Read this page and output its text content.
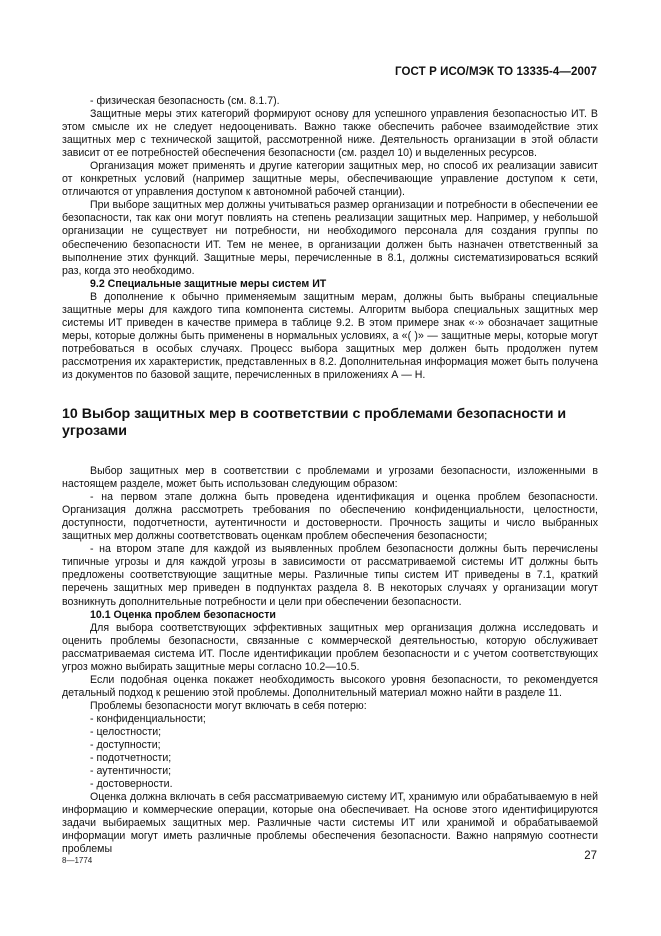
ГОСТ Р ИСО/МЭК ТО 13335-4—2007

- физическая безопасность (см. 8.1.7).

Защитные меры этих категорий формируют основу для успешного управления безопасностью ИТ. В этом смысле их не следует недооценивать. Важно также обеспечить рабочее взаимодействие этих защитных мер с технической защитой, рассмотренной ниже. Деятельность организации в этой области зависит от ее потребностей обеспечения безопасности (см. раздел 10) и выделенных ресурсов.

Организация может применять и другие категории защитных мер, но способ их реализации зависит от конкретных условий (например защитные меры, обеспечивающие управление доступом к сети, отличаются от управления доступом к автономной рабочей станции).

При выборе защитных мер должны учитываться размер организации и потребности в обеспечении ее безопасности, так как они могут повлиять на степень реализации защитных мер. Например, у небольшой организации не существует ни потребности, ни необходимого персонала для создания группы по обеспечению безопасности ИТ. Тем не менее, в организации должен быть назначен ответственный за выполнение этих функций. Защитные меры, перечисленные в 8.1, должны систематизироваться всякий раз, когда это необходимо.

9.2 Специальные защитные меры систем ИТ

В дополнение к обычно применяемым защитным мерам, должны быть выбраны специальные защитные меры для каждого типа компонента системы. Алгоритм выбора специальных защитных мер системы ИТ приведен в качестве примера в таблице 9.2. В этом примере знак «·» обозначает защитные меры, которые должны быть применены в нормальных условиях, а «( )» — защитные меры, которые могут потребоваться в особых случаях. Процесс выбора защитных мер должен быть продолжен путем рассмотрения их характеристик, представленных в 8.2. Дополнительная информация может быть получена из документов по базовой защите, перечисленных в приложениях А — Н.

10 Выбор защитных мер в соответствии с проблемами безопасности и угрозами

Выбор защитных мер в соответствии с проблемами и угрозами безопасности, изложенными в настоящем разделе, может быть использован следующим образом:

- на первом этапе должна быть проведена идентификация и оценка проблем безопасности. Организация должна рассмотреть требования по обеспечению конфиденциальности, целостности, доступности, подотчетности, аутентичности и достоверности. Прочность защиты и число выбранных защитных мер должны соответствовать оценкам проблем обеспечения безопасности;

- на втором этапе для каждой из выявленных проблем безопасности должны быть перечислены типичные угрозы и для каждой угрозы в зависимости от рассматриваемой системы ИТ должны быть предложены соответствующие защитные меры. Различные типы систем ИТ приведены в 7.1, краткий перечень защитных мер приведен в подпунктах раздела 8. В некоторых случаях у организации могут возникнуть дополнительные потребности и цели при обеспечении безопасности.

10.1 Оценка проблем безопасности

Для выбора соответствующих эффективных защитных мер организация должна исследовать и оценить проблемы безопасности, связанные с коммерческой деятельностью, которую обслуживает рассматриваемая система ИТ. После идентификации проблем безопасности и с учетом соответствующих угроз можно выбирать защитные меры согласно 10.2—10.5.

Если подобная оценка покажет необходимость высокого уровня безопасности, то рекомендуется детальный подход к решению этой проблемы. Дополнительный материал можно найти в разделе 11.

Проблемы безопасности могут включать в себя потерю:

- конфиденциальности;

- целостности;

- доступности;

- подотчетности;

- аутентичности;

- достоверности.

Оценка должна включать в себя рассматриваемую систему ИТ, хранимую или обрабатываемую в ней информацию и коммерческие операции, которые она обеспечивает. На основе этого идентифицируются задачи выбираемых защитных мер. Различные части системы ИТ или хранимой и обрабатываемой информации могут иметь различные проблемы обеспечения безопасности. Важно напрямую соотнести проблемы

8—1774	27
